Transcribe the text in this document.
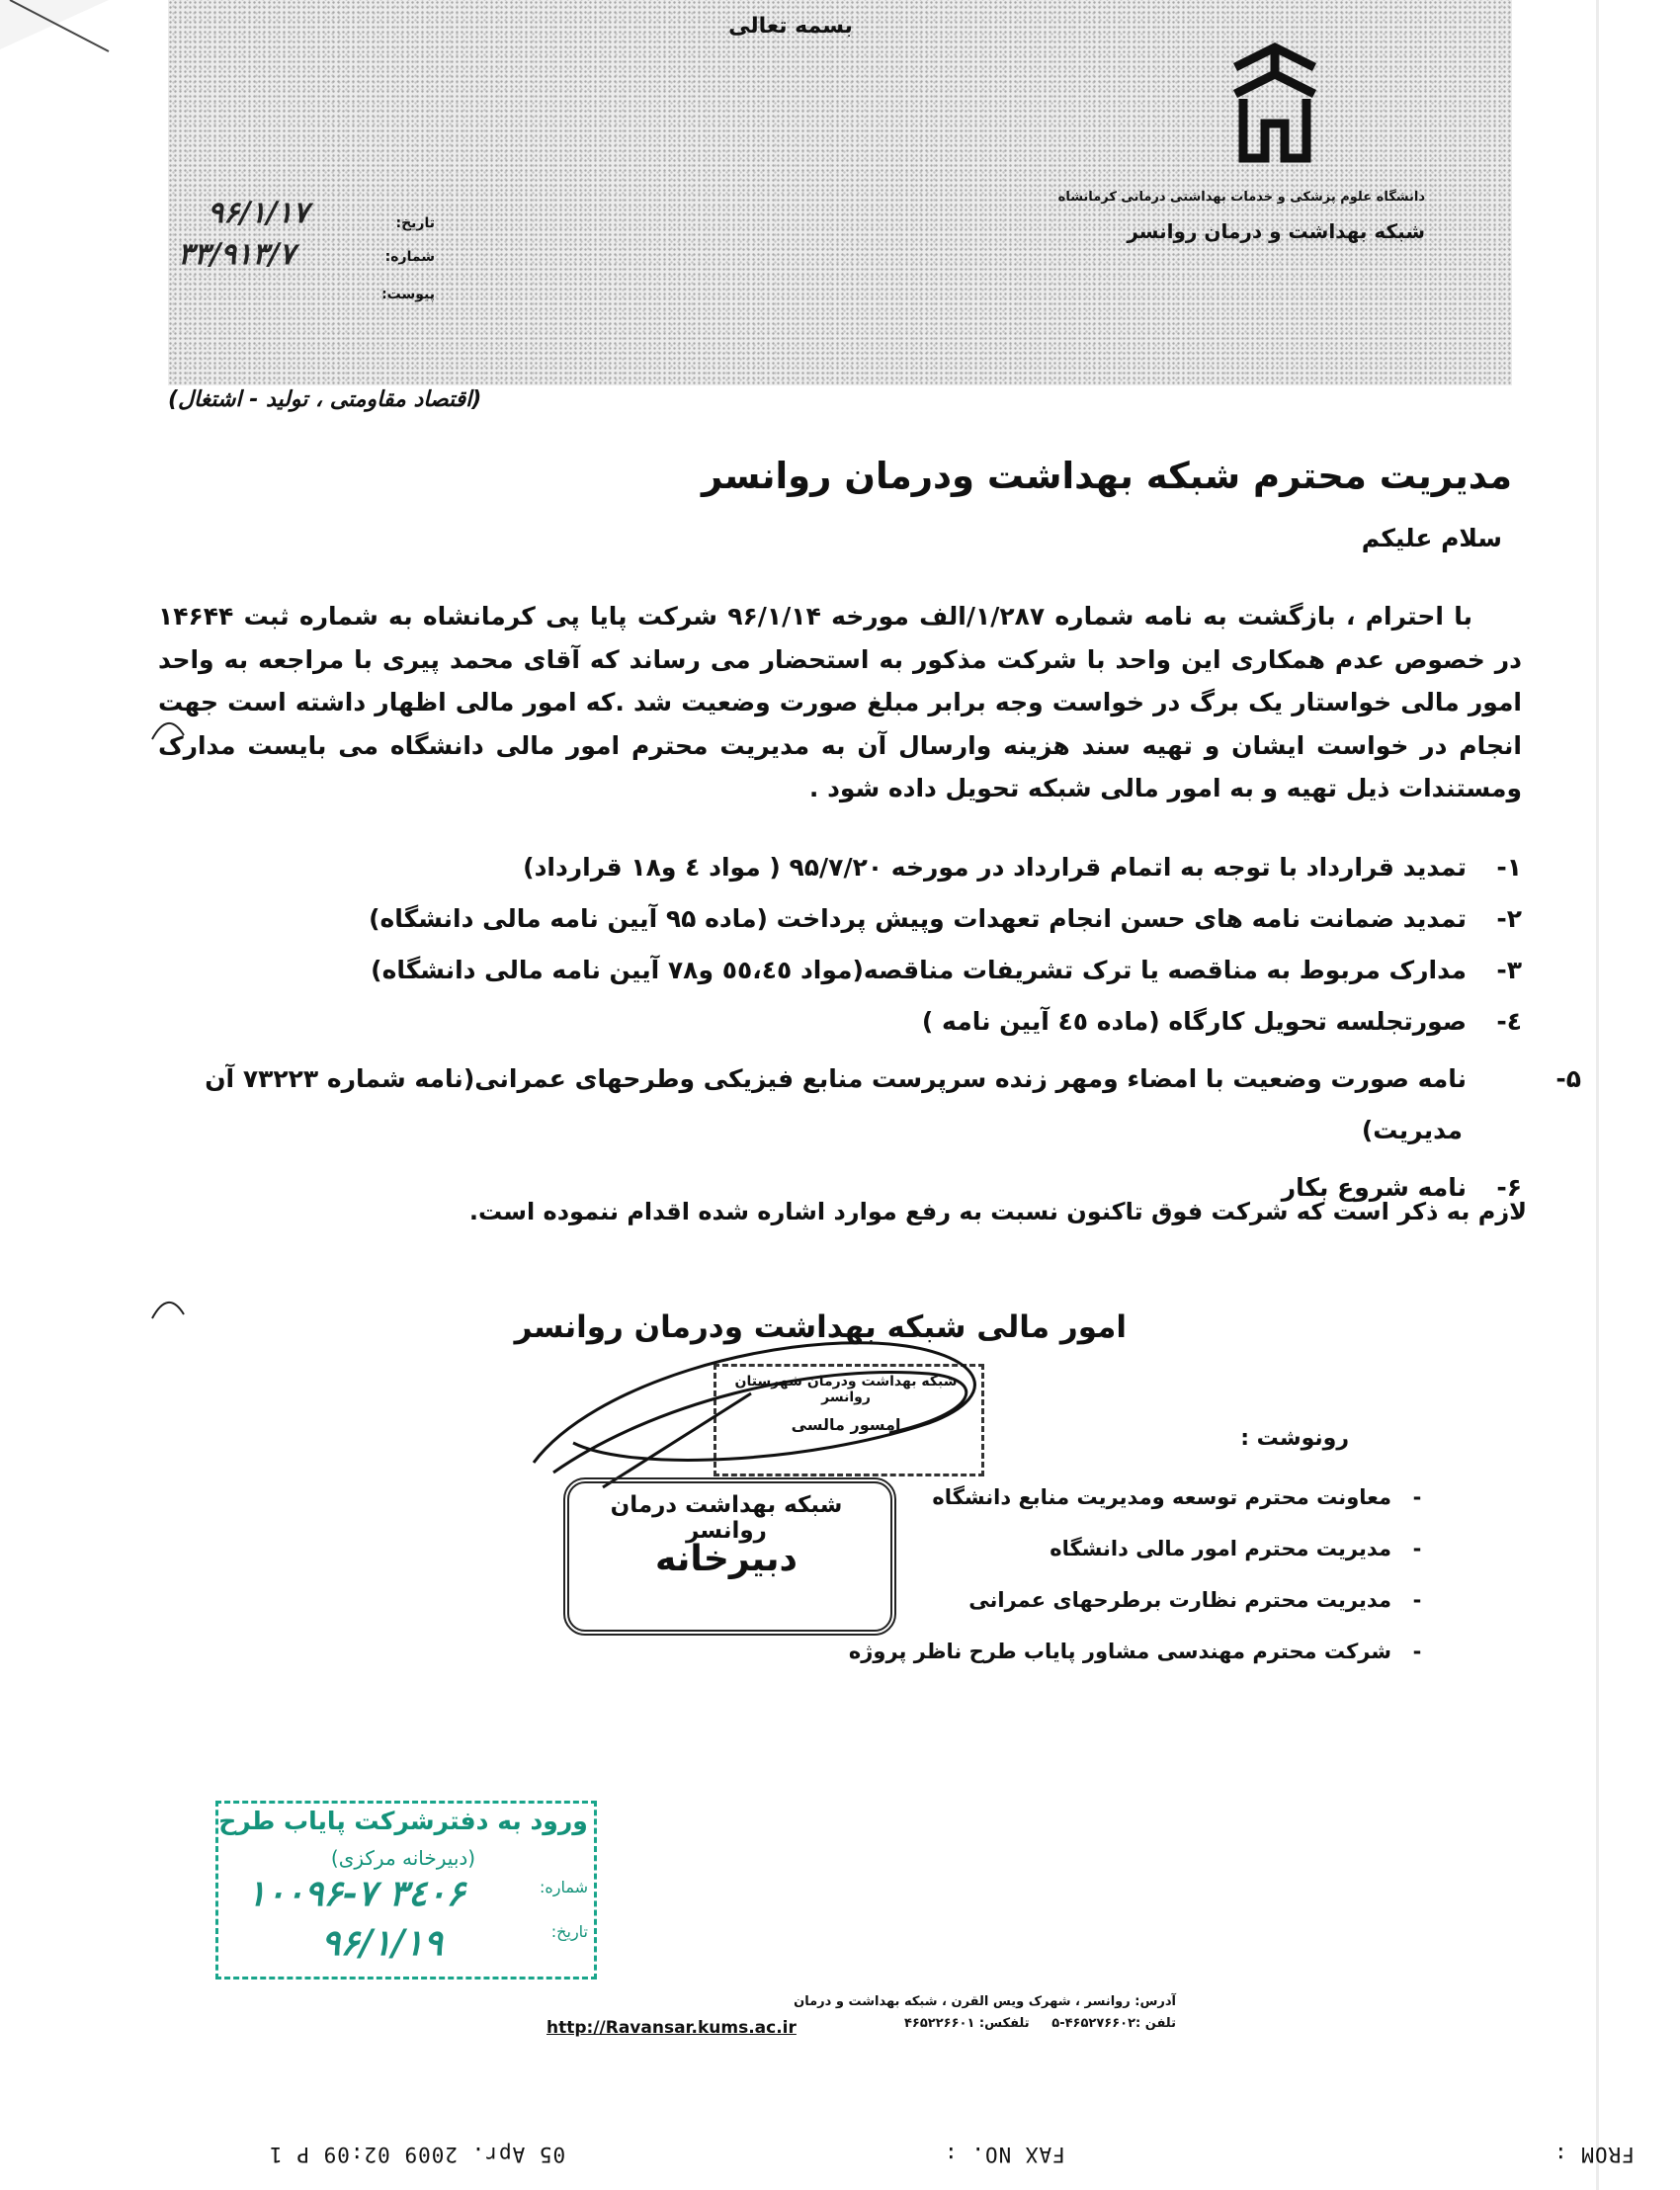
بسمه تعالی
دانشگاه علوم پزشکی و خدمات بهداشتی درمانی کرمانشاه
شبکه بهداشت و درمان روانسر
تاریخ:
۹۶/۱/۱۷
شماره:
۳۳/۹۱۳/۷
پیوست:
(اقتصاد مقاومتی ، تولید - اشتغال)
مدیریت محترم شبکه بهداشت ودرمان روانسر
سلام علیکم
با احترام ، بازگشت به نامه شماره ۱/۲۸۷/الف مورخه ۹۶/۱/۱۴ شرکت پایا پی کرمانشاه به شماره ثبت ۱۴۶۴۴ در خصوص عدم همکاری این واحد با شرکت مذکور به استحضار می رساند که آقای محمد پیری با مراجعه به واحد امور مالی خواستار یک برگ در خواست وجه برابر مبلغ صورت وضعیت شد .که امور مالی اظهار داشته است جهت انجام در خواست ایشان و تهیه سند هزینه وارسال آن به مدیریت محترم امور مالی دانشگاه می بایست مدارک ومستندات ذیل تهیه و به امور مالی شبکه تحویل داده شود .
۱-تمدید قرارداد با توجه به اتمام قرارداد در مورخه ۹۵/۷/۲۰ ( مواد ٤ و۱۸ قرارداد)
۲-تمدید ضمانت نامه های حسن انجام تعهدات وپیش پرداخت (ماده ۹۵ آیین نامه مالی دانشگاه)
۳-مدارک مربوط به مناقصه یا ترک تشریفات مناقصه(مواد ٥٥،٤٥ و۷۸ آیین نامه مالی دانشگاه)
٤-صورتجلسه تحویل کارگاه (ماده ٤٥ آیین نامه )
۵-نامه صورت وضعیت با امضاء ومهر زنده سرپرست منابع فیزیکی وطرحهای عمرانی(نامه شماره ۷۳۲۲۳ آن مدیریت)
۶-نامه شروع بکار
لازم به ذکر است که شرکت فوق تاکنون نسبت به رفع موارد اشاره شده اقدام ننموده است.
امور مالی شبکه بهداشت ودرمان روانسر
شبکه بهداشت ودرمان شهرستان روانسر
امسور مالسی
رونوشت :
-معاونت محترم توسعه ومدیریت منابع دانشگاه
-مدیریت محترم امور مالی دانشگاه
-مدیریت محترم نظارت برطرحهای عمرانی
-شرکت محترم مهندسی مشاور پایاب طرح ناظر پروژه
شبکه بهداشت درمان روانسر
دبیرخانه
ورود به دفترشرکت پایاب طرح
(دبیرخانه مرکزی)
شماره:
۱۰۰۹۶-۷ ۳٤۰۶
تاریخ:
۹۶/۱/۱۹
آدرس: روانسر ، شهرک ویس القرن ، شبکه بهداشت و درمان
تلفن :۴۶۵۲۷۶۶۰۲-۵     تلفکس: ۴۶۵۲۲۶۶۰۱
http://Ravansar.kums.ac.ir
FROM :
FAX NO. :
05 Apr. 2009 02:09 P 1
